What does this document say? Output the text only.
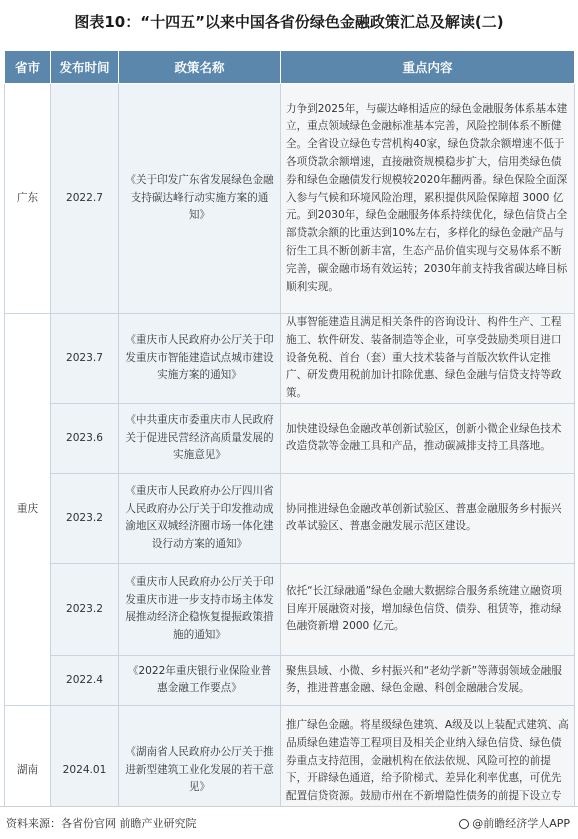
图表10：“十四五”以来中国各省份绿色金融政策汇总及解读(二)
省市	发布时间	政策名称	重点内容
广东	2022.7	《关于印发广东省发展绿色金融支持碳达峰行动实施方案的通知》	力争到2025年，与碳达峰相适应的绿色金融服务体系基本建立，重点领域绿色金融标准基本完善，风险控制体系不断健全。全省设立绿色专营机构40家，绿色贷款余额增速不低于各项贷款余额增速，直接融资规模稳步扩大，信用类绿色债券和绿色金融债发行规模较2020年翻两番。绿色保险全面深入参与气候和环境风险治理，累积提供风险保障超 3000 亿元。到2030年，绿色金融服务体系持续优化，绿色信贷占全部贷款余额的比重达到10%左右，多样化的绿色金融产品与衍生工具不断创新丰富，生态产品价值实现与交易体系不断完善，碳金融市场有效运转；2030年前支持我省碳达峰目标顺利实现。
重庆	2023.7	《重庆市人民政府办公厅关于印发重庆市智能建造试点城市建设实施方案的通知》	从事智能建造且满足相关条件的咨询设计、构件生产、工程施工、软件研发、装备制造等企业，可享受鼓励类项目进口设备免税、首台（套）重大技术装备与首版次软件认定推广、研发费用税前加计扣除优惠、绿色金融与信贷支持等政策。
	2023.6	《中共重庆市委重庆市人民政府关于促进民营经济高质量发展的实施意见》	加快建设绿色金融改革创新试验区，创新小微企业绿色技术改造贷款等金融工具和产品，推动碳减排支持工具落地。
	2023.2	《重庆市人民政府办公厅四川省人民政府办公厅关于印发推动成渝地区双城经济圈市场一体化建设行动方案的通知》	协同推进绿色金融改革创新试验区、普惠金融服务乡村振兴改革试验区、普惠金融发展示范区建设。
	2023.2	《重庆市人民政府办公厅关于印发重庆市进一步支持市场主体发展推动经济企稳恢复提振政策措施的通知》	依托“长江绿融通”绿色金融大数据综合服务系统建立融资项目库开展融资对接，增加绿色信贷、债券、租赁等，推动绿色融资新增 2000 亿元。
	2022.4	《2022年重庆银行业保险业普惠金融工作要点》	聚焦县域、小微、乡村振兴和“老幼学新”等薄弱领域金融服务，推进普惠金融、绿色金融、科创金融融合发展。
湖南	2024.01	《湖南省人民政府办公厅关于推进新型建筑工业化发展的若干意见》	推广绿色金融。将星级绿色建筑、A级及以上装配式建筑、高品质绿色建造等工程项目及相关企业纳入绿色信贷、绿色债券重点支持范围，金融机构在依法依规、风险可控的前提下，开辟绿色通道，给予阶梯式、差异化利率优惠，可优先配置信贷资源。鼓励市州在不新增隐性债务的前提下设立专
资料来源：各省份官网 前瞻产业研究院	@前瞻经济学人APP
